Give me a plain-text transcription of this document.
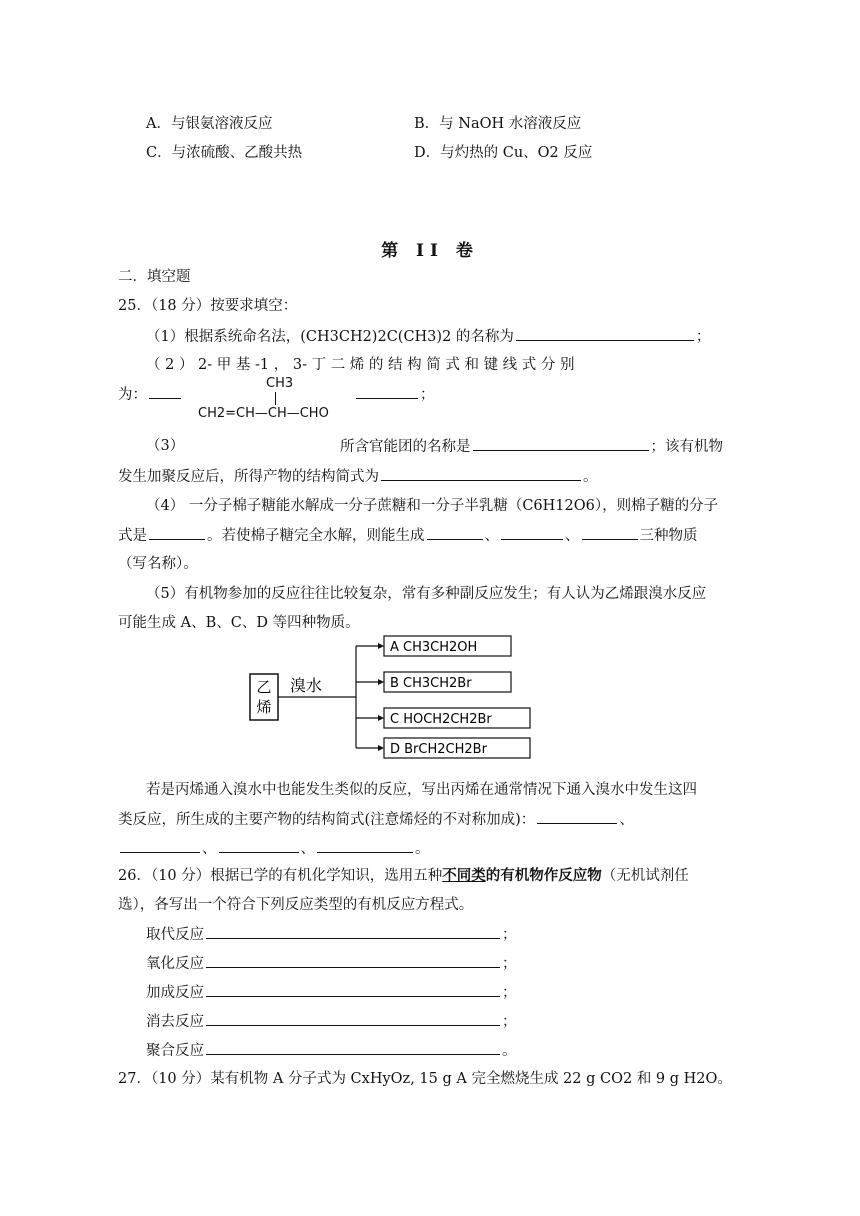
A．与银氨溶液反应	B．与 NaOH 水溶液反应
C．与浓硫酸、乙酸共热	D．与灼热的 Cu、O2 反应
第 II 卷
二．填空题
25．（18 分）按要求填空：
（1）根据系统命名法，(CH3CH2)2C(CH3)2 的名称为	；
（ 2 ） 2- 甲 基 -1 ， 3- 丁 二 烯 的 结 构 简 式 和 键 线 式 分 别
为：
CH3
CH2=CH—CH—CHO
；
（3）	所含官能团的名称是	；该有机物
发生加聚反应后，所得产物的结构简式为	。
（4） 一分子棉子糖能水解成一分子蔗糖和一分子半乳糖（C6H12O6），则棉子糖的分子
式是	。若使棉子糖完全水解，则能生成	、	、	三种物质
（写名称）。
（5）有机物参加的反应往往比较复杂，常有多种副反应发生；有人认为乙烯跟溴水反应
可能生成 A、B、C、D 等四种物质。
乙
烯
溴水
A CH3CH2OH
B CH3CH2Br
C HOCH2CH2Br
D BrCH2CH2Br
若是丙烯通入溴水中也能发生类似的反应，写出丙烯在通常情况下通入溴水中发生这四
类反应，所生成的主要产物的结构简式(注意烯烃的不对称加成)：	、
、	、	。
26．（10 分）根据已学的有机化学知识，选用五种不同类的有机物作反应物（无机试剂任
选），各写出一个符合下列反应类型的有机反应方程式。
取代反应	；
氧化反应	；
加成反应	；
消去反应	；
聚合反应	。
27．（10 分）某有机物 A 分子式为 CxHyOz, 15 g A 完全燃烧生成 22 g CO2 和 9 g H2O。
